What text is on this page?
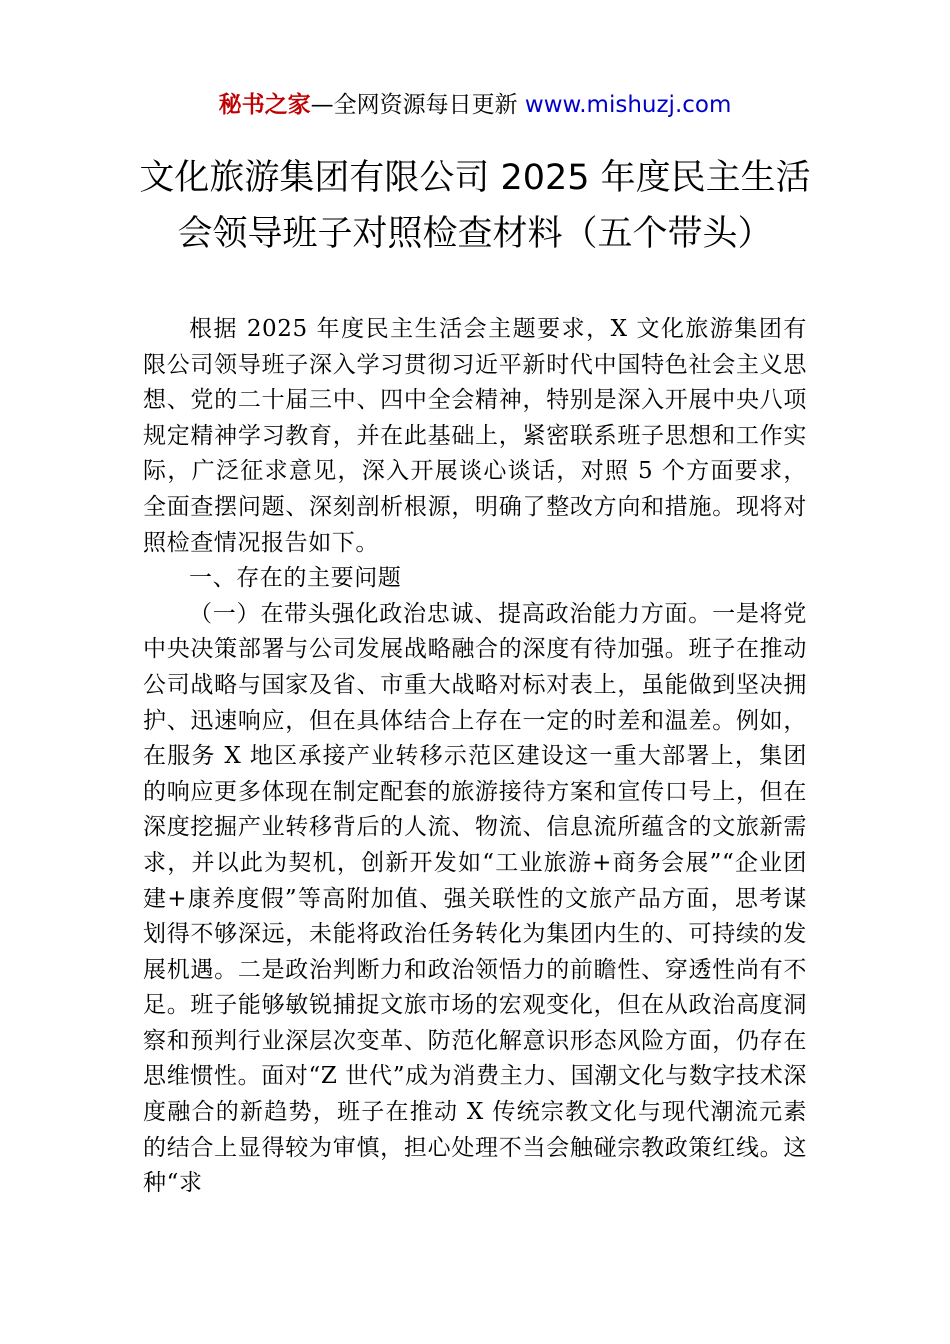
秘书之家—全网资源每日更新 www.mishuzj.com
文化旅游集团有限公司 2025 年度民主生活
会领导班子对照检查材料（五个带头）

根据 2025 年度民主生活会主题要求，X 文化旅游集团有限公司领导班子深入学习贯彻习近平新时代中国特色社会主义思想、党的二十届三中、四中全会精神，特别是深入开展中央八项规定精神学习教育，并在此基础上，紧密联系班子思想和工作实际，广泛征求意见，深入开展谈心谈话，对照 5 个方面要求，全面查摆问题、深刻剖析根源，明确了整改方向和措施。现将对照检查情况报告如下。

一、存在的主要问题

（一）在带头强化政治忠诚、提高政治能力方面。一是将党中央决策部署与公司发展战略融合的深度有待加强。班子在推动公司战略与国家及省、市重大战略对标对表上，虽能做到坚决拥护、迅速响应，但在具体结合上存在一定的时差和温差。例如，在服务 X 地区承接产业转移示范区建设这一重大部署上，集团的响应更多体现在制定配套的旅游接待方案和宣传口号上，但在深度挖掘产业转移背后的人流、物流、信息流所蕴含的文旅新需求，并以此为契机，创新开发如“工业旅游+商务会展”“企业团建+康养度假”等高附加值、强关联性的文旅产品方面，思考谋划得不够深远，未能将政治任务转化为集团内生的、可持续的发展机遇。二是政治判断力和政治领悟力的前瞻性、穿透性尚有不足。班子能够敏锐捕捉文旅市场的宏观变化，但在从政治高度洞察和预判行业深层次变革、防范化解意识形态风险方面，仍存在思维惯性。面对“Z 世代”成为消费主力、国潮文化与数字技术深度融合的新趋势，班子在推动 X 传统宗教文化与现代潮流元素的结合上显得较为审慎，担心处理不当会触碰宗教政策红线。这种“求
